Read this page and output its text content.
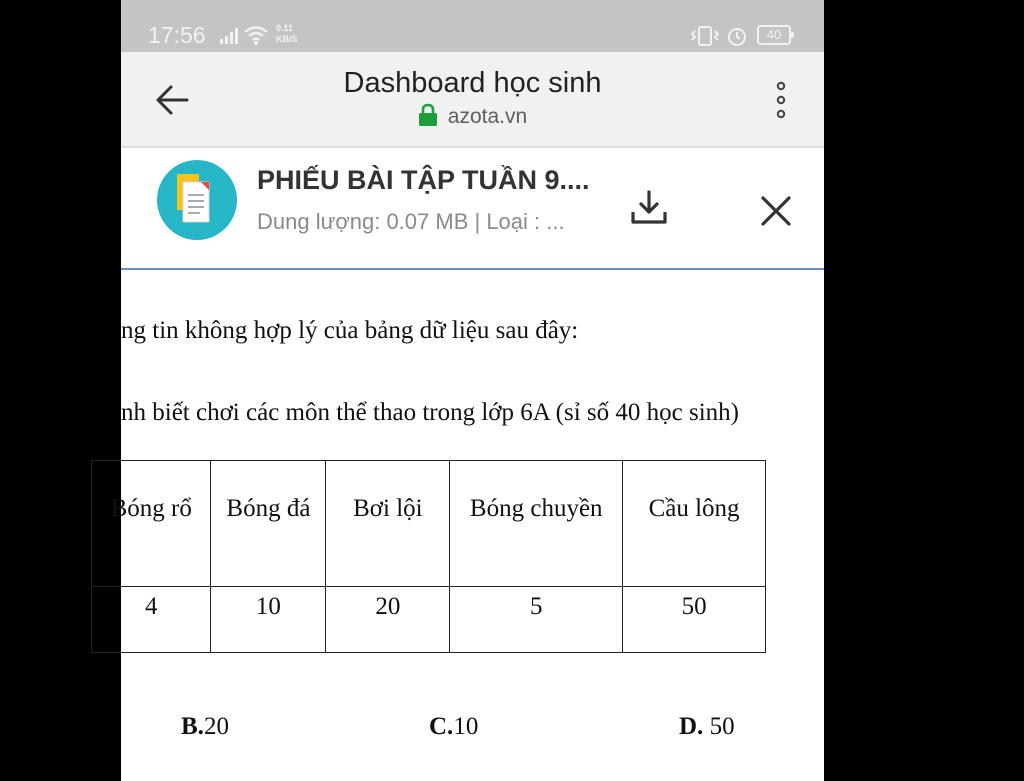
17:56	0.11
KB/S	40
Dashboard học sinh
azota.vn
PHIẾU BÀI TẬP TUẦN 9....
Dung lượng: 0.07 MB | Loại : ...
ng tin không hợp lý của bảng dữ liệu sau đây:
nh biết chơi các môn thể thao trong lớp 6A (sỉ số 40 học sinh)
Bóng rổ	Bóng đá	Bơi lội	Bóng chuyền	Cầu lông
4	10	20	5	50
B.20	C.10	D. 50
